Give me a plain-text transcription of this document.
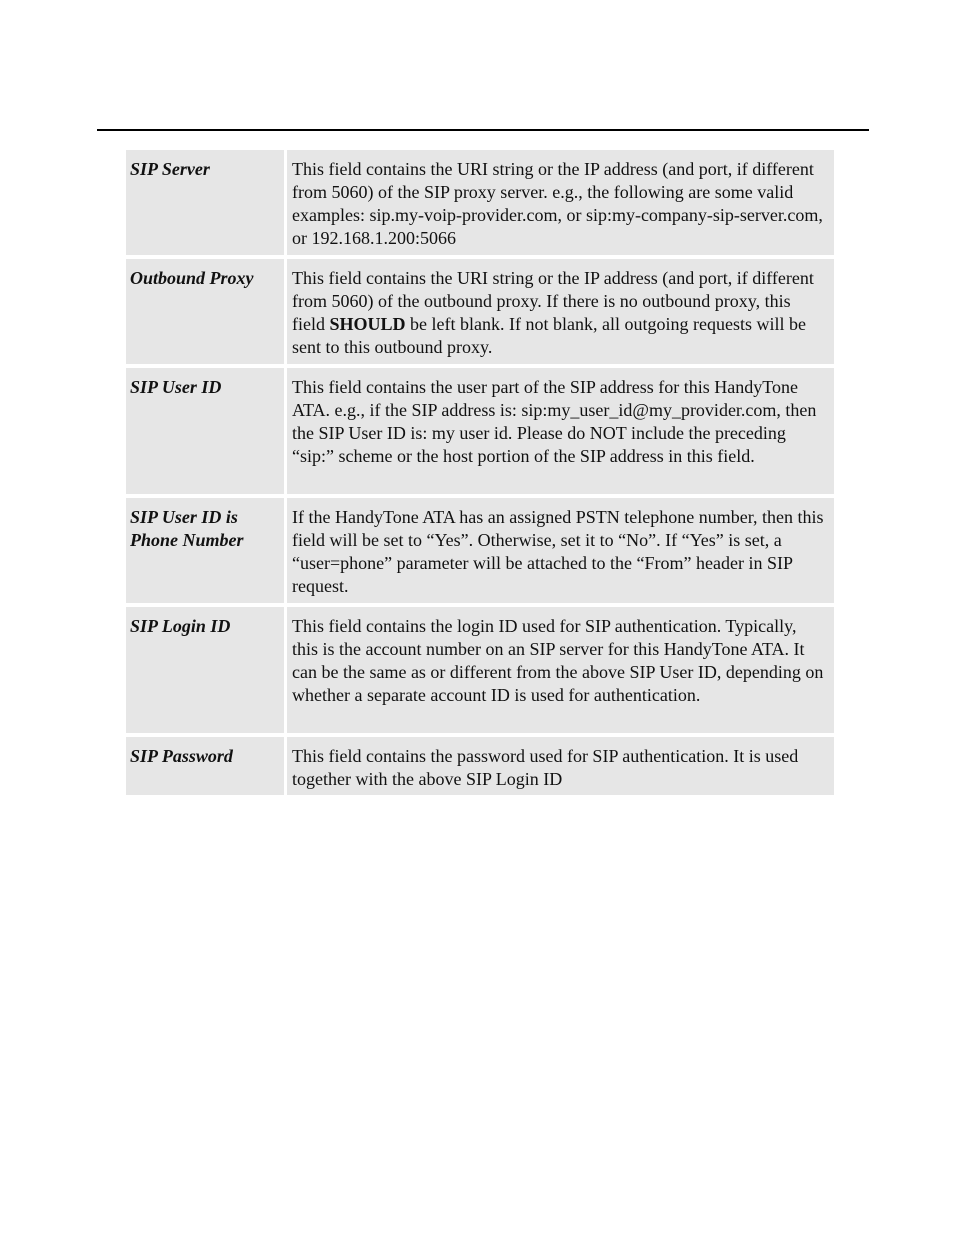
SIP Server	This field contains the URI string or the IP address (and port, if different from 5060) of the SIP proxy server. e.g., the following are some valid examples: sip.my-voip-provider.com, or sip:my-company-sip-server.com, or 192.168.1.200:5066
Outbound Proxy	This field contains the URI string or the IP address (and port, if different from 5060) of the outbound proxy. If there is no outbound proxy, this field SHOULD be left blank. If not blank, all outgoing requests will be sent to this outbound proxy.
SIP User ID	This field contains the user part of the SIP address for this HandyTone ATA. e.g., if the SIP address is: sip:my_user_id@my_provider.com, then the SIP User ID is: my user id. Please do NOT include the preceding “sip:” scheme or the host portion of the SIP address in this field.
SIP User ID is Phone Number	If the HandyTone ATA has an assigned PSTN telephone number, then this field will be set to “Yes”. Otherwise, set it to “No”. If “Yes” is set, a “user=phone” parameter will be attached to the “From” header in SIP request.
SIP Login ID	This field contains the login ID used for SIP authentication. Typically, this is the account number on an SIP server for this HandyTone ATA. It can be the same as or different from the above SIP User ID, depending on whether a separate account ID is used for authentication.
SIP Password	This field contains the password used for SIP authentication. It is used together with the above SIP Login ID
